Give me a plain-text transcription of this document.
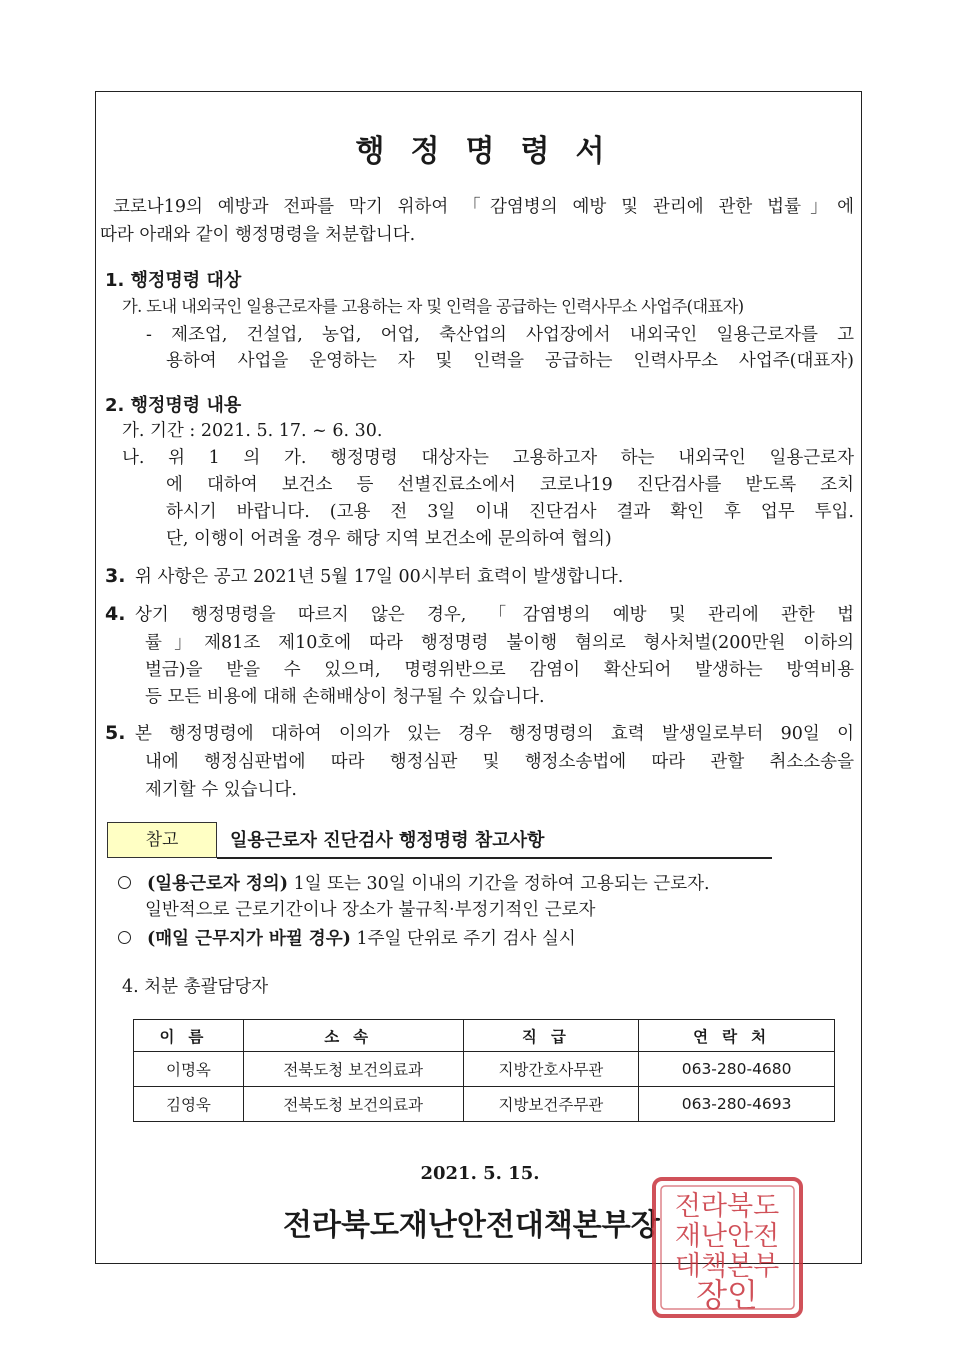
행정명령서
코로나19의 예방과 전파를 막기 위하여 「감염병의 예방 및 관리에 관한 법률」에
따라 아래와 같이 행정명령을 처분합니다.
1. 행정명령 대상
가. 도내 내외국인 일용근로자를 고용하는 자 및 인력을 공급하는 인력사무소 사업주(대표자)
- 제조업, 건설업, 농업, 어업, 축산업의 사업장에서 내외국인 일용근로자를 고
용하여 사업을 운영하는 자 및 인력을 공급하는 인력사무소 사업주(대표자)
2. 행정명령 내용
가. 기간 : 2021. 5. 17. ~ 6. 30.
나. 위 1 의 가. 행정명령 대상자는 고용하고자 하는 내외국인 일용근로자
에 대하여 보건소 등 선별진료소에서 코로나19 진단검사를 받도록 조치
하시기 바랍니다. (고용 전 3일 이내 진단검사 결과 확인 후 업무 투입.
단, 이행이 어려울 경우 해당 지역 보건소에 문의하여 협의)
3. 위 사항은 공고 2021년 5월 17일 00시부터 효력이 발생합니다.
4. 상기 행정명령을 따르지 않은 경우, 「감염병의 예방 및 관리에 관한 법
률」제81조 제10호에 따라 행정명령 불이행 혐의로 형사처벌(200만원 이하의
벌금)을 받을 수 있으며, 명령위반으로 감염이 확산되어 발생하는 방역비용
등 모든 비용에 대해 손해배상이 청구될 수 있습니다.
5. 본 행정명령에 대하여 이의가 있는 경우 행정명령의 효력 발생일로부터 90일 이
내에 행정심판법에 따라 행정심판 및 행정소송법에 따라 관할 취소소송을
제기할 수 있습니다.
참고	일용근로자 진단검사 행정명령 참고사항
(일용근로자 정의) 1일 또는 30일 이내의 기간을 정하여 고용되는 근로자.
일반적으로 근로기간이나 장소가 불규칙·부정기적인 근로자
(매일 근무지가 바뀔 경우) 1주일 단위로 주기 검사 실시
4. 처분 총괄담당자
이름	소속	직급	연락처
이명옥	전북도청 보건의료과	지방간호사무관	063-280-4680
김영욱	전북도청 보건의료과	지방보건주무관	063-280-4693
2021. 5. 15.
전라북도재난안전대책본부장
전라북도
재난안전
대책본부
장인
